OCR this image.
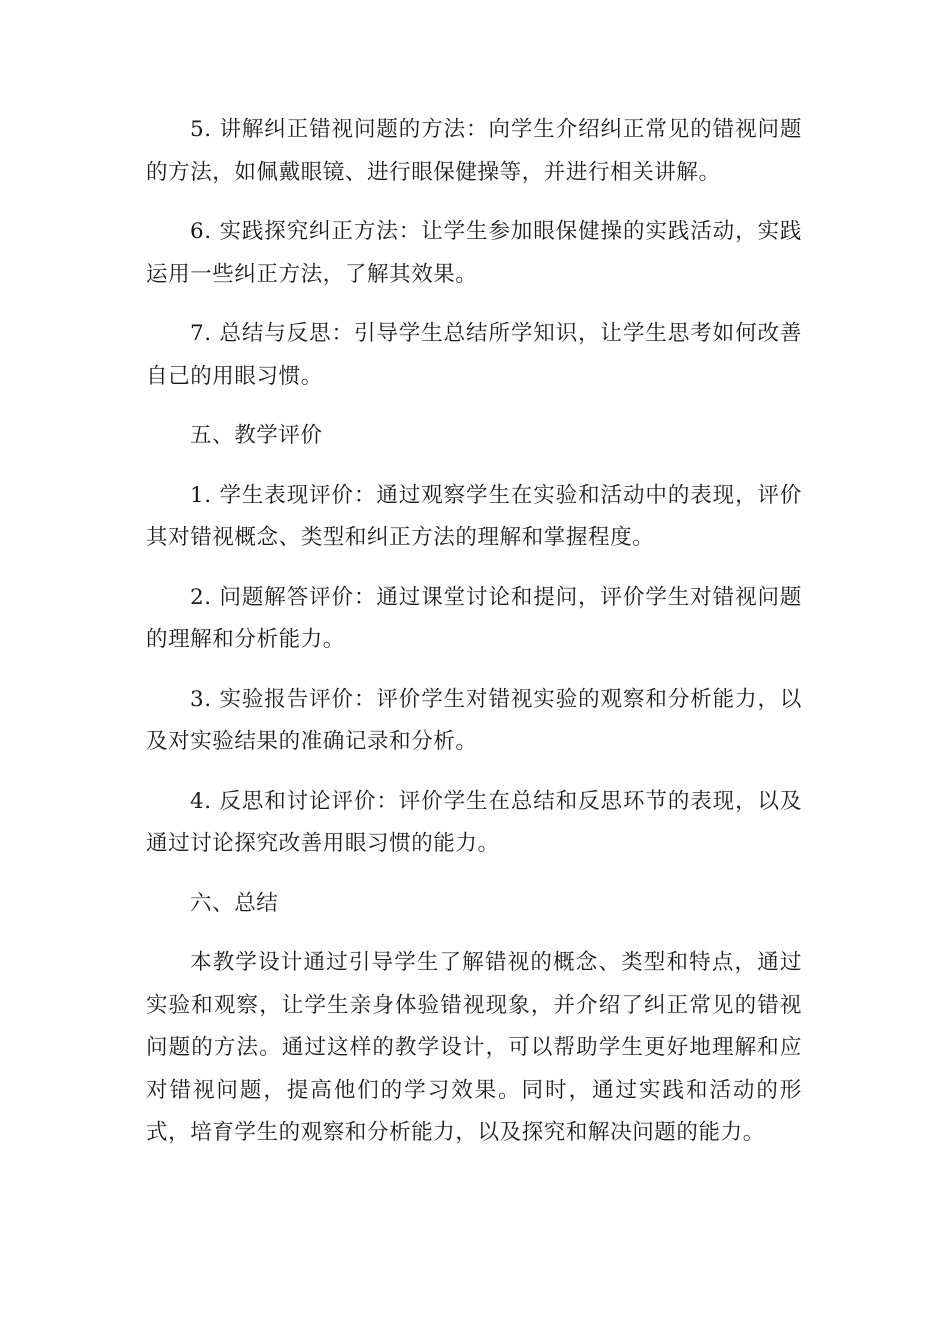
5. 讲解纠正错视问题的方法：向学生介绍纠正常见的错视问题的方法，如佩戴眼镜、进行眼保健操等，并进行相关讲解。

6. 实践探究纠正方法：让学生参加眼保健操的实践活动，实践运用一些纠正方法，了解其效果。

7. 总结与反思：引导学生总结所学知识，让学生思考如何改善自己的用眼习惯。

五、教学评价

1. 学生表现评价：通过观察学生在实验和活动中的表现，评价其对错视概念、类型和纠正方法的理解和掌握程度。

2. 问题解答评价：通过课堂讨论和提问，评价学生对错视问题的理解和分析能力。

3. 实验报告评价：评价学生对错视实验的观察和分析能力，以及对实验结果的准确记录和分析。

4. 反思和讨论评价：评价学生在总结和反思环节的表现，以及通过讨论探究改善用眼习惯的能力。

六、总结

本教学设计通过引导学生了解错视的概念、类型和特点，通过实验和观察，让学生亲身体验错视现象，并介绍了纠正常见的错视问题的方法。通过这样的教学设计，可以帮助学生更好地理解和应对错视问题，提高他们的学习效果。同时，通过实践和活动的形式，培育学生的观察和分析能力，以及探究和解决问题的能力。
